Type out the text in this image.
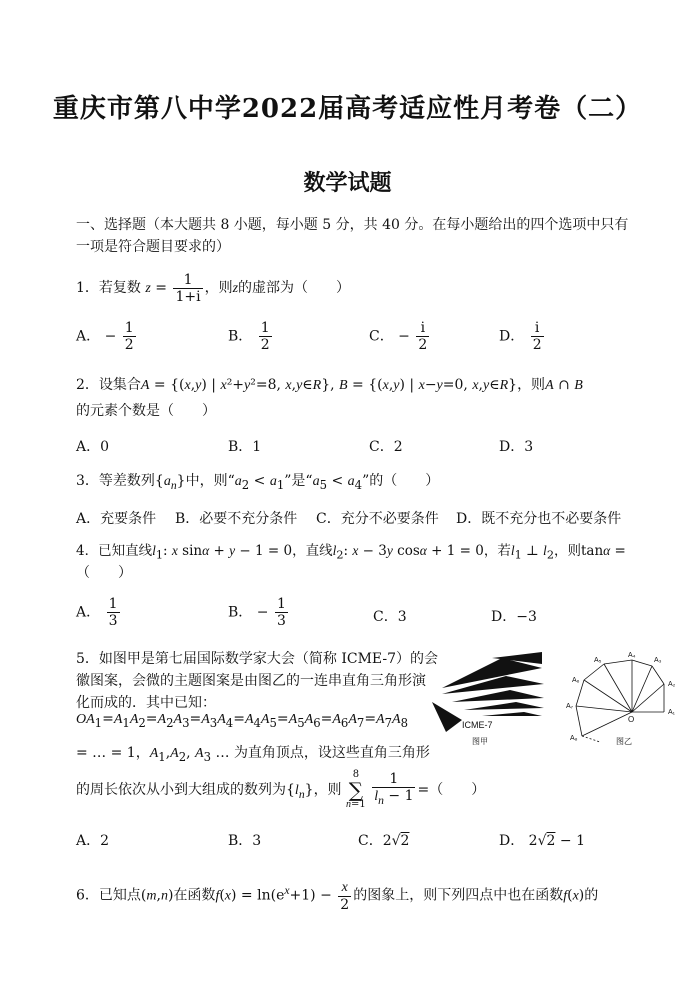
重庆市第八中学2022届高考适应性月考卷（二）
数学试题
一、选择题（本大题共 8 小题，每小题 5 分，共 40 分。在每小题给出的四个选项中只有
一项是符合题目要求的）
1．若复数 $z = \frac{1}{1+i}$ ，则z的虚部为（　　）
A． − $\frac{1}{2}$	B． $\frac{1}{2}$	C． − $\frac{i}{2}$	D． $\frac{i}{2}$
2．设集合A = {(x,y) | x²+y²=8, x,y∈R}, B = {(x,y) | x−y=0, x,y∈R}，则A ∩ B
的元素个数是（　　）
A．0	B．1	C．2	D．3
3．等差数列$\{a_n\}$中，则“$a_2 < a_1$”是“$a_5 < a_4$”的（　　）
A．充要条件 B．必要不充分条件 C．充分不必要条件 D．既不充分也不必要条件
4．已知直线$l_1$: x sinα + y − 1 = 0，直线$l_2$: x − 3y cosα + 1 = 0，若$l_1$ ⊥ $l_2$，则tanα =
（　　）
A． $\frac{1}{3}$	B． − $\frac{1}{3}$	C．3	D．−3
5．如图甲是第七届国际数学家大会（简称 ICME-7）的会
徽图案，会微的主题图案是由图乙的一连串直角三角形演
化而成的．其中已知：
$OA_1=A_1A_2=A_2A_3=A_3A_4=A_4A_5=A_5A_6=A_6A_7=A_7A_8$
= … = 1，$A_1,A_2$, $A_3$ … 为直角顶点，设这些直角三角形
的周长依次从小到大组成的数列为$\{l_n\}$，则 8
∑
$n=1 \frac{1}{l_n - 1}$ =（　　）
A．2	B．3	C．2√2	D． 2√2 − 1
ICME-7
图甲
O
A₁
A₂
A₃
A₄
A₅
A₆
A₇
A₈	图乙
6．已知点(m,n)在函数$f(x) = \ln(e^x+1) - \frac{x}{2}$ 的图象上，则下列四点中也在函数f(x)的
